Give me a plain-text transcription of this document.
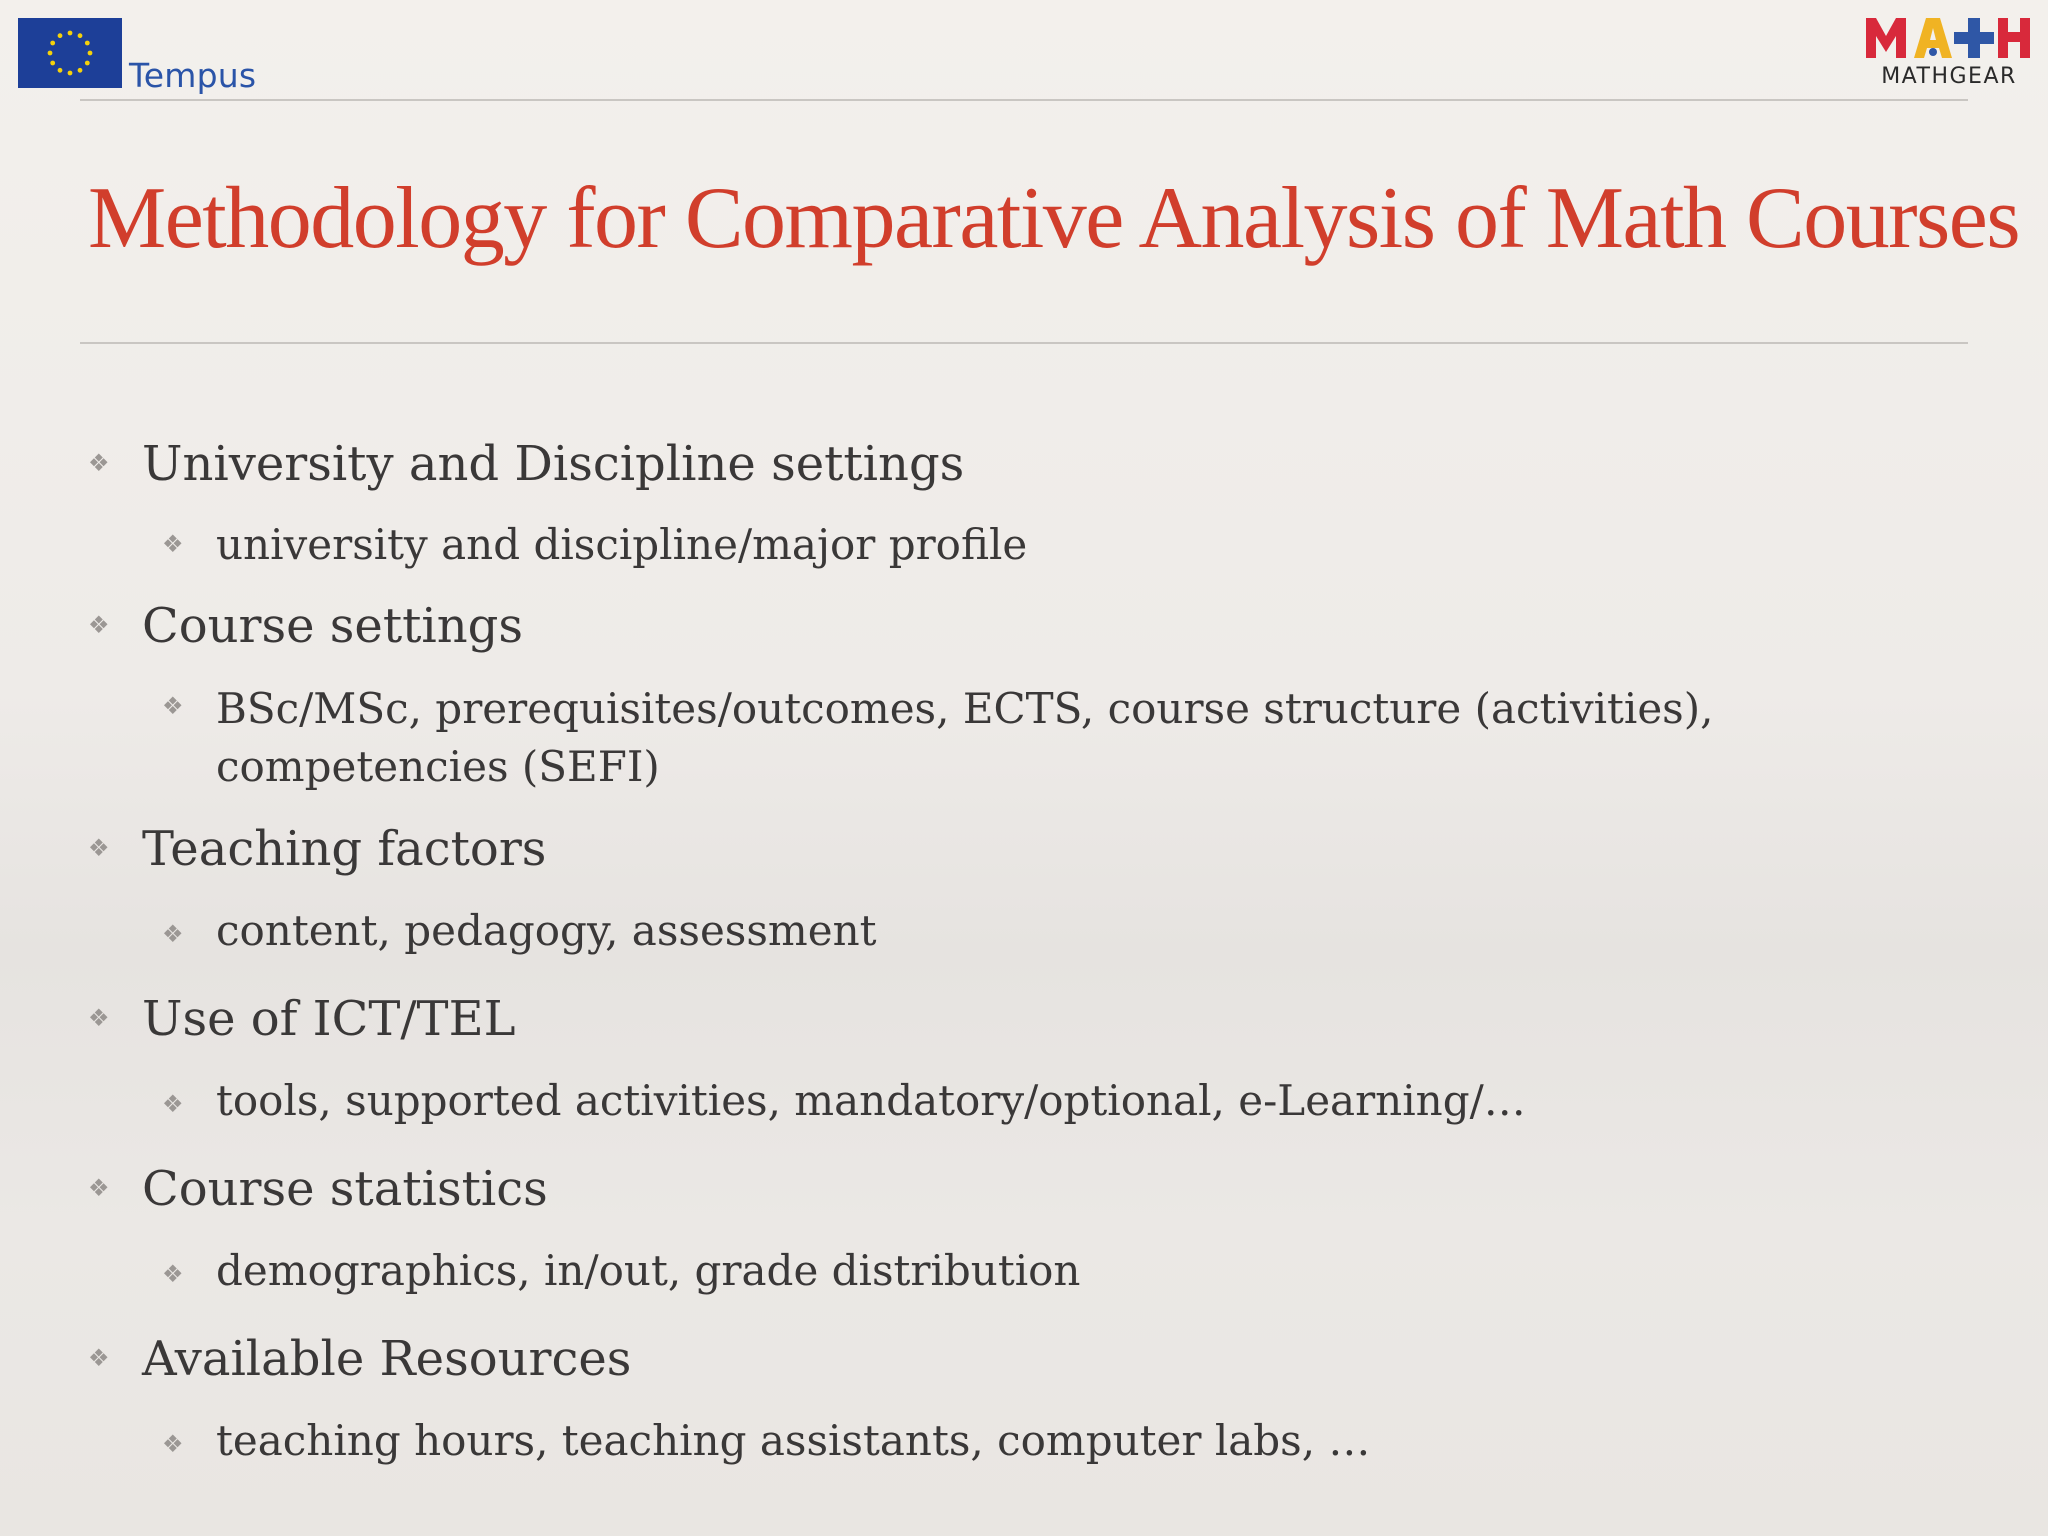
Tempus	MATHGEAR
Methodology for Comparative Analysis of Math Courses
❖ University and Discipline settings
❖ university and discipline/major profile
❖ Course settings
❖ BSc/MSc, prerequisites/outcomes, ECTS, course structure (activities), competencies (SEFI)
❖ Teaching factors
❖ content, pedagogy, assessment
❖ Use of ICT/TEL
❖ tools, supported activities, mandatory/optional, e-Learning/…
❖ Course statistics
❖ demographics, in/out, grade distribution
❖ Available Resources
❖ teaching hours, teaching assistants, computer labs, …
